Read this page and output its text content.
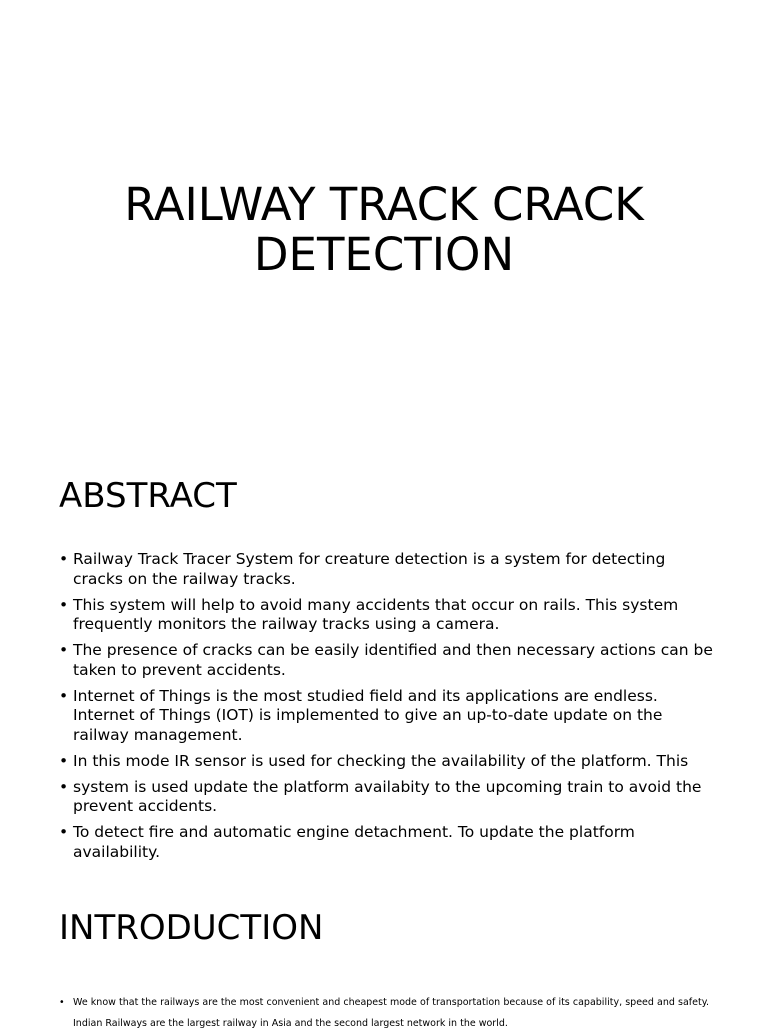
RAILWAY TRACK CRACK
DETECTION
ABSTRACT
• Railway Track Tracer System for creature detection is a system for detecting cracks on the railway tracks.
• This system will help to avoid many accidents that occur on rails. This system frequently monitors the railway tracks using a camera.
• The presence of cracks can be easily identified and then necessary actions can be taken to prevent accidents.
• Internet of Things is the most studied field and its applications are endless. Internet of Things (IOT) is implemented to give an up-to-date update on the railway management.
• In this mode IR sensor is used for checking the availability of the platform. This
• system is used update the platform availabity to the upcoming train to avoid the prevent accidents.
• To detect fire and automatic engine detachment. To update the platform availability.
INTRODUCTION
• We know that the railways are the most convenient and cheapest mode of transportation because of its capability, speed and safety. Indian Railways are the largest railway in Asia and the second largest network in the world.
